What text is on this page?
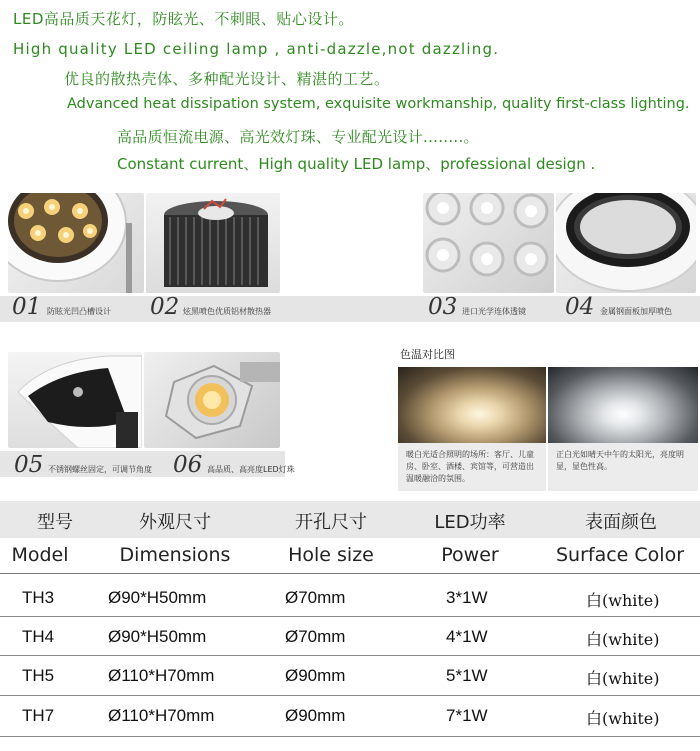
LED高品质天花灯，防眩光、不刺眼、贴心设计。
High quality LED ceiling lamp , anti-dazzle,not dazzling.
优良的散热壳体、多种配光设计、精湛的工艺。
Advanced heat dissipation system, exquisite workmanship, quality first-class lighting.
高品质恒流电源、高光效灯珠、专业配光设计........。
Constant current、High quality LED lamp、professional design .
01 防眩光凹凸槽设计 02 炫黑喷色优质铝材散热器	03 进口光学连体透镜 04 金属钢面板加厚喷色
05 不锈钢螺丝固定，可调节角度 06 高品质、高亮度LED灯珠
色温对比图
暖白光适合照明的场所：客厅、儿童房、卧室、酒楼、宾馆等，可营造出温暖融洽的氛围。
正白光如晴天中午的太阳光，亮度明显，显色性高。
型号	外观尺寸	开孔尺寸	LED功率	表面颜色
Model	Dimensions	Hole size	Power	Surface Color
TH3	Ø90*H50mm	Ø70mm	3*1W	白(white)
TH4	Ø90*H50mm	Ø70mm	4*1W	白(white)
TH5	Ø110*H70mm	Ø90mm	5*1W	白(white)
TH7	Ø110*H70mm	Ø90mm	7*1W	白(white)
